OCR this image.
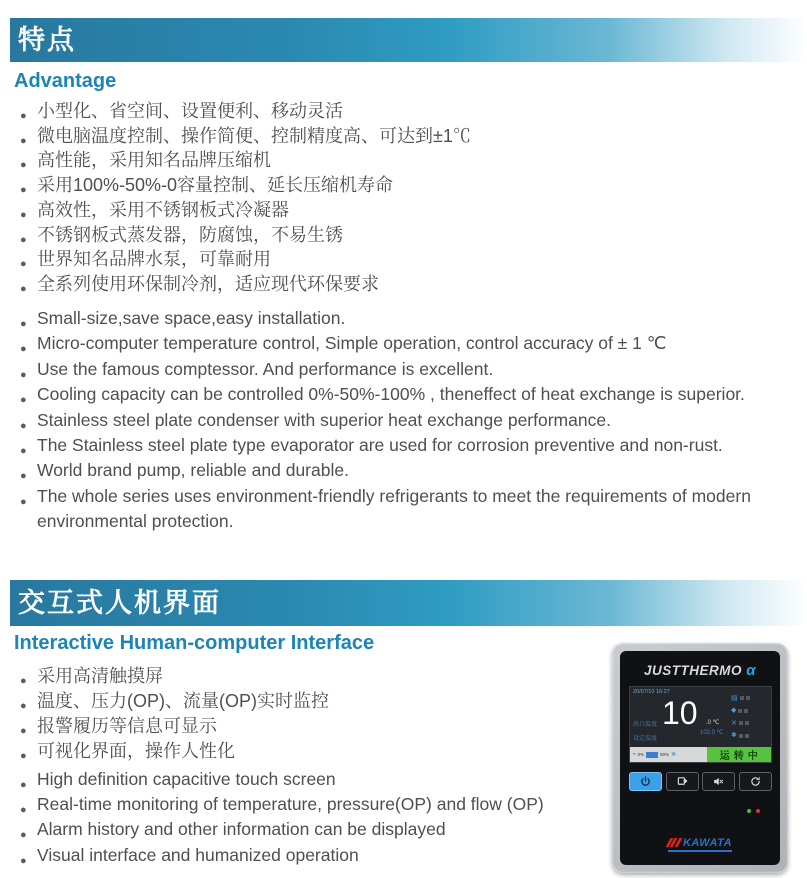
特点
Advantage
● 小型化、省空间、设置便利、移动灵活
● 微电脑温度控制、操作简便、控制精度高、可达到±1℃
● 高性能，采用知名品牌压缩机
● 采用100%-50%-0容量控制、延长压缩机寿命
● 高效性，采用不锈钢板式冷凝器
● 不锈钢板式蒸发器，防腐蚀，不易生锈
● 世界知名品牌水泵，可靠耐用
● 全系列使用环保制冷剂，适应现代环保要求
● Small-size,save space,easy installation.
● Micro-computer temperature control, Simple operation, control accuracy of ± 1 ℃
● Use the famous comptessor. And performance is excellent.
● Cooling capacity can be controlled 0%-50%-100% , theneffect of heat exchange is superior.
● Stainless steel plate condenser with superior heat exchange performance.
● The Stainless steel plate type evaporator are used for corrosion preventive and non-rust.
● World brand pump, reliable and durable.
● The whole series uses environment-friendly refrigerants to meet the requirements of modern environmental protection.
交互式人机界面
Interactive Human-computer Interface
● 采用高清触摸屏
● 温度、压力(OP)、流量(OP)实时监控
● 报警履历等信息可显示
● 可视化界面，操作人性化
● High definition capacitive touch screen
● Real-time monitoring of temperature, pressure(OP) and flow (OP)
● Alarm history and other information can be displayed
● Visual interface and humanized operation
JUSTTHERMO α
20/07/10 16:27
出口温度
设定温度
10 .0 ℃
102.0 ℃
▤
◆
✕
✱
◔ 0%	50% ❄	运转中
KAWATA
